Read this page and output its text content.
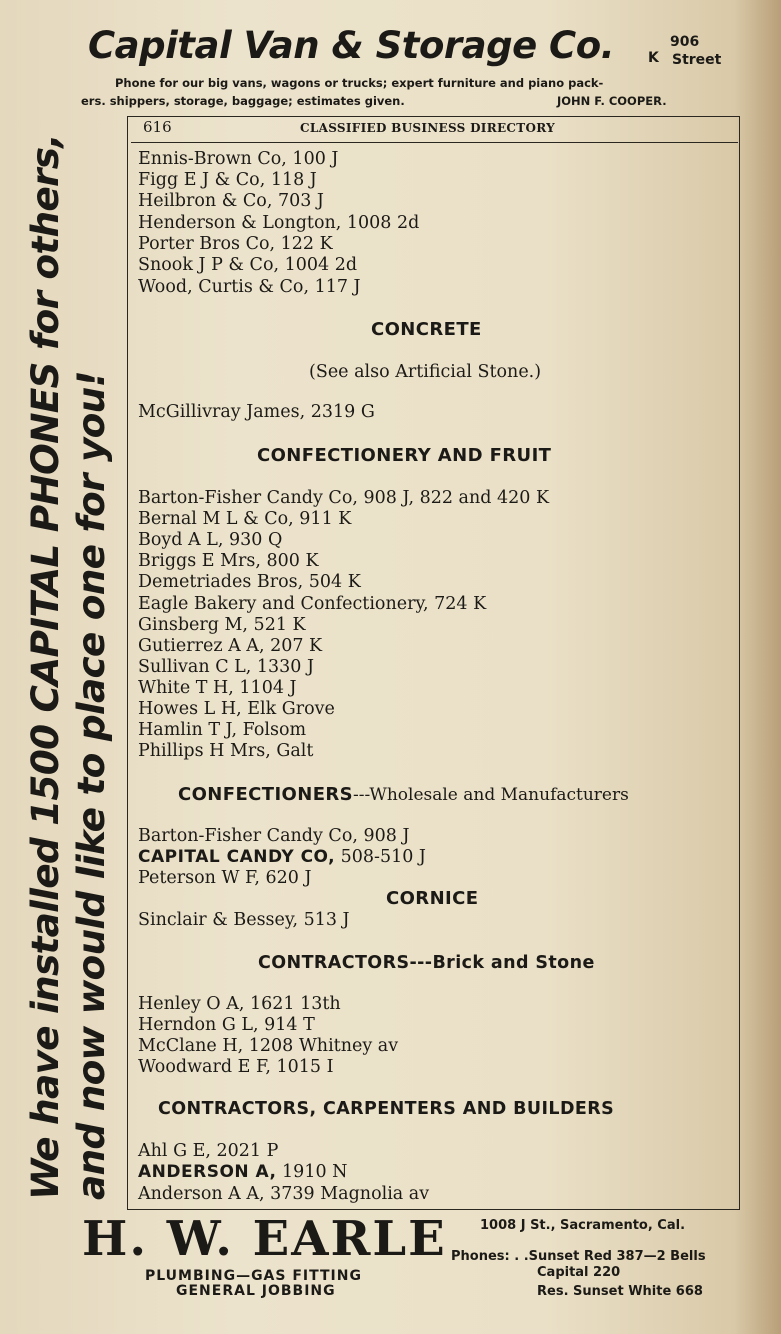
Capital Van & Storage Co.	906
K Street
Phone for our big vans, wagons or trucks; expert furniture and piano pack-
ers. shippers, storage, baggage; estimates given.	JOHN F. COOPER.
We have installed 1500 CAPITAL PHONES for others, and now would like to place one for you!
616	CLASSIFIED BUSINESS DIRECTORY
Ennis-Brown Co, 100 J
Figg E J & Co, 118 J
Heilbron & Co, 703 J
Henderson & Longton, 1008 2d
Porter Bros Co, 122 K
Snook J P & Co, 1004 2d
Wood, Curtis & Co, 117 J
CONCRETE
(See also Artificial Stone.)
McGillivray James, 2319 G
CONFECTIONERY AND FRUIT
Barton-Fisher Candy Co, 908 J, 822 and 420 K
Bernal M L & Co, 911 K
Boyd A L, 930 Q
Briggs E Mrs, 800 K
Demetriades Bros, 504 K
Eagle Bakery and Confectionery, 724 K
Ginsberg M, 521 K
Gutierrez A A, 207 K
Sullivan C L, 1330 J
White T H, 1104 J
Howes L H, Elk Grove
Hamlin T J, Folsom
Phillips H Mrs, Galt
CONFECTIONERS---Wholesale and Manufacturers
Barton-Fisher Candy Co, 908 J
CAPITAL CANDY CO, 508-510 J
Peterson W F, 620 J
CORNICE
Sinclair & Bessey, 513 J
CONTRACTORS---Brick and Stone
Henley O A, 1621 13th
Herndon G L, 914 T
McClane H, 1208 Whitney av
Woodward E F, 1015 I
CONTRACTORS, CARPENTERS AND BUILDERS
Ahl G E, 2021 P
ANDERSON A, 1910 N
Anderson A A, 3739 Magnolia av
H. W. EARLE
PLUMBING—GAS FITTING
GENERAL JOBBING
1008 J St., Sacramento, Cal.
Phones: . .Sunset Red 387—2 Bells
Capital 220
Res. Sunset White 668
